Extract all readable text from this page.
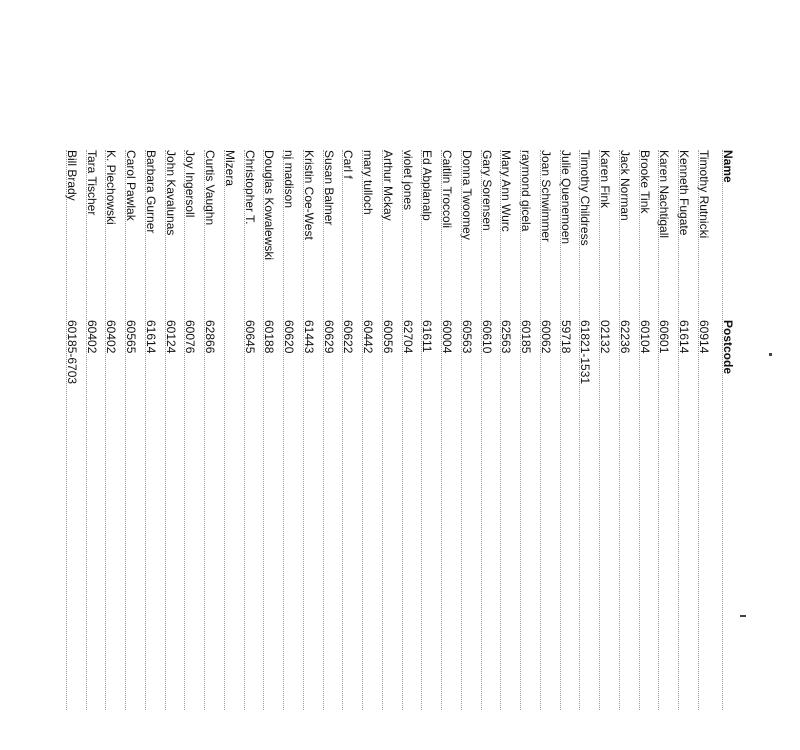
Name
Postcode
Timothy Rutnicki
60914
Kenneth Fugate
61614
Karen Nachtigall
60601
Brooke Tink
60104
Jack Norman
62236
Karen Fink
02132
Timothy Childress
61821-1531
Julie Quenemoen
59718
Joan Schwimmer
60062
raymond gicela
60185
Mary Ann Wurc
62563
Gary Sorensen
60610
Donna Twoomey
60563
Caitlin Troccoli
60004
Ed Abplanalp
61611
violet jones
62704
Arthur Mckay
60056
mary tulloch
60442
Carl f
60622
Susan Balmer
60629
Kristin Coe-West
61443
nj madison
60620
Douglas Kowalewski
60188
Christopher T.
60645
Mizera
Curtis Vaughn
62866
Joy Ingersoll
60076
John Kavalunas
60124
Barbara Gurner
61614
Carol Pawlak
60565
K. Piechowski
60402
Tara Tischer
60402
Bill Brady
60185-6703
